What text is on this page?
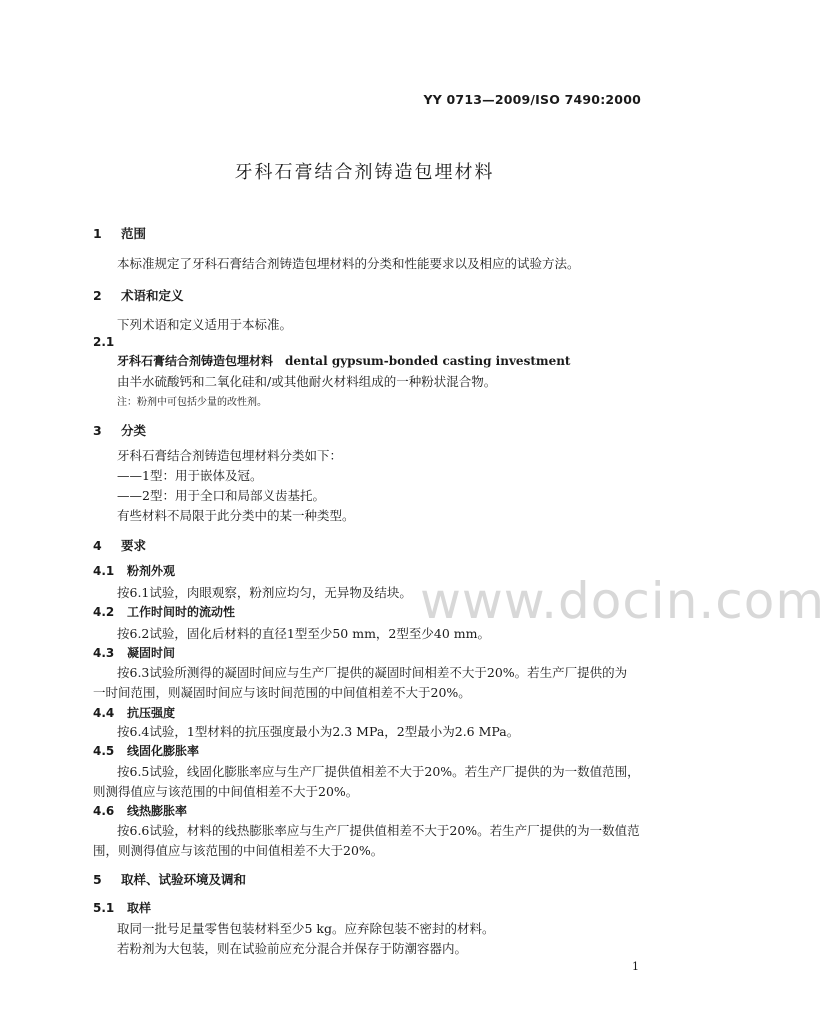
YY 0713—2009/ISO 7490:2000
牙科石膏结合剂铸造包埋材料
1 范围
本标准规定了牙科石膏结合剂铸造包埋材料的分类和性能要求以及相应的试验方法。
2 术语和定义
下列术语和定义适用于本标准。
2.1
牙科石膏结合剂铸造包埋材料 dental gypsum-bonded casting investment
由半水硫酸钙和二氧化硅和/或其他耐火材料组成的一种粉状混合物。
注：粉剂中可包括少量的改性剂。
3 分类
牙科石膏结合剂铸造包埋材料分类如下：
——1型：用于嵌体及冠。
——2型：用于全口和局部义齿基托。
有些材料不局限于此分类中的某一种类型。
4 要求
4.1 粉剂外观
按6.1试验，肉眼观察，粉剂应均匀，无异物及结块。
4.2 工作时间时的流动性
按6.2试验，固化后材料的直径1型至少50 mm，2型至少40 mm。
4.3 凝固时间
按6.3试验所测得的凝固时间应与生产厂提供的凝固时间相差不大于20%。若生产厂提供的为
一时间范围，则凝固时间应与该时间范围的中间值相差不大于20%。
4.4 抗压强度
按6.4试验，1型材料的抗压强度最小为2.3 MPa，2型最小为2.6 MPa。
4.5 线固化膨胀率
按6.5试验，线固化膨胀率应与生产厂提供值相差不大于20%。若生产厂提供的为一数值范围，
则测得值应与该范围的中间值相差不大于20%。
4.6 线热膨胀率
按6.6试验，材料的线热膨胀率应与生产厂提供值相差不大于20%。若生产厂提供的为一数值范
围，则测得值应与该范围的中间值相差不大于20%。
5 取样、试验环境及调和
5.1 取样
取同一批号足量零售包装材料至少5 kg。应弃除包装不密封的材料。
若粉剂为大包装，则在试验前应充分混合并保存于防潮容器内。
www.docin.com
1
